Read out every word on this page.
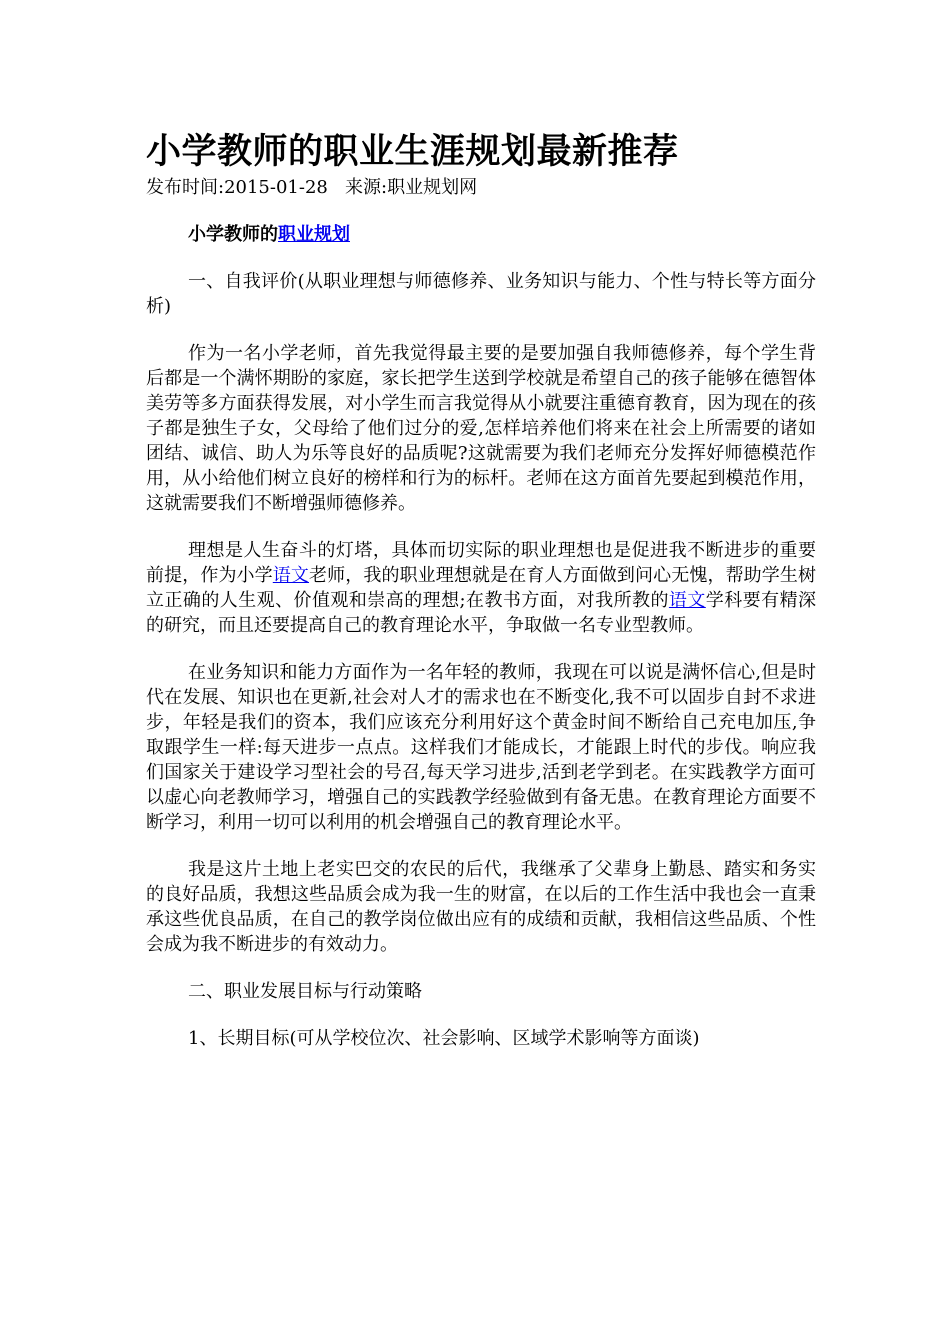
小学教师的职业生涯规划最新推荐
发布时间:2015-01-28 来源:职业规划网

小学教师的职业规划

一、自我评价(从职业理想与师德修养、业务知识与能力、个性与特长等方面分析)

作为一名小学老师，首先我觉得最主要的是要加强自我师德修养，每个学生背后都是一个满怀期盼的家庭，家长把学生送到学校就是希望自己的孩子能够在德智体美劳等多方面获得发展，对小学生而言我觉得从小就要注重德育教育，因为现在的孩子都是独生子女，父母给了他们过分的爱,怎样培养他们将来在社会上所需要的诸如团结、诚信、助人为乐等良好的品质呢?这就需要为我们老师充分发挥好师德模范作用，从小给他们树立良好的榜样和行为的标杆。老师在这方面首先要起到模范作用，这就需要我们不断增强师德修养。

理想是人生奋斗的灯塔，具体而切实际的职业理想也是促进我不断进步的重要前提，作为小学语文老师，我的职业理想就是在育人方面做到问心无愧，帮助学生树立正确的人生观、价值观和崇高的理想;在教书方面，对我所教的语文学科要有精深的研究，而且还要提高自己的教育理论水平，争取做一名专业型教师。

在业务知识和能力方面作为一名年轻的教师，我现在可以说是满怀信心,但是时代在发展、知识也在更新,社会对人才的需求也在不断变化,我不可以固步自封不求进步，年轻是我们的资本，我们应该充分利用好这个黄金时间不断给自己充电加压,争取跟学生一样:每天进步一点点。这样我们才能成长，才能跟上时代的步伐。响应我们国家关于建设学习型社会的号召,每天学习进步,活到老学到老。在实践教学方面可以虚心向老教师学习，增强自己的实践教学经验做到有备无患。在教育理论方面要不断学习，利用一切可以利用的机会增强自己的教育理论水平。

我是这片土地上老实巴交的农民的后代，我继承了父辈身上勤恳、踏实和务实的良好品质，我想这些品质会成为我一生的财富，在以后的工作生活中我也会一直秉承这些优良品质，在自己的教学岗位做出应有的成绩和贡献，我相信这些品质、个性会成为我不断进步的有效动力。

二、职业发展目标与行动策略

1、长期目标(可从学校位次、社会影响、区域学术影响等方面谈)
